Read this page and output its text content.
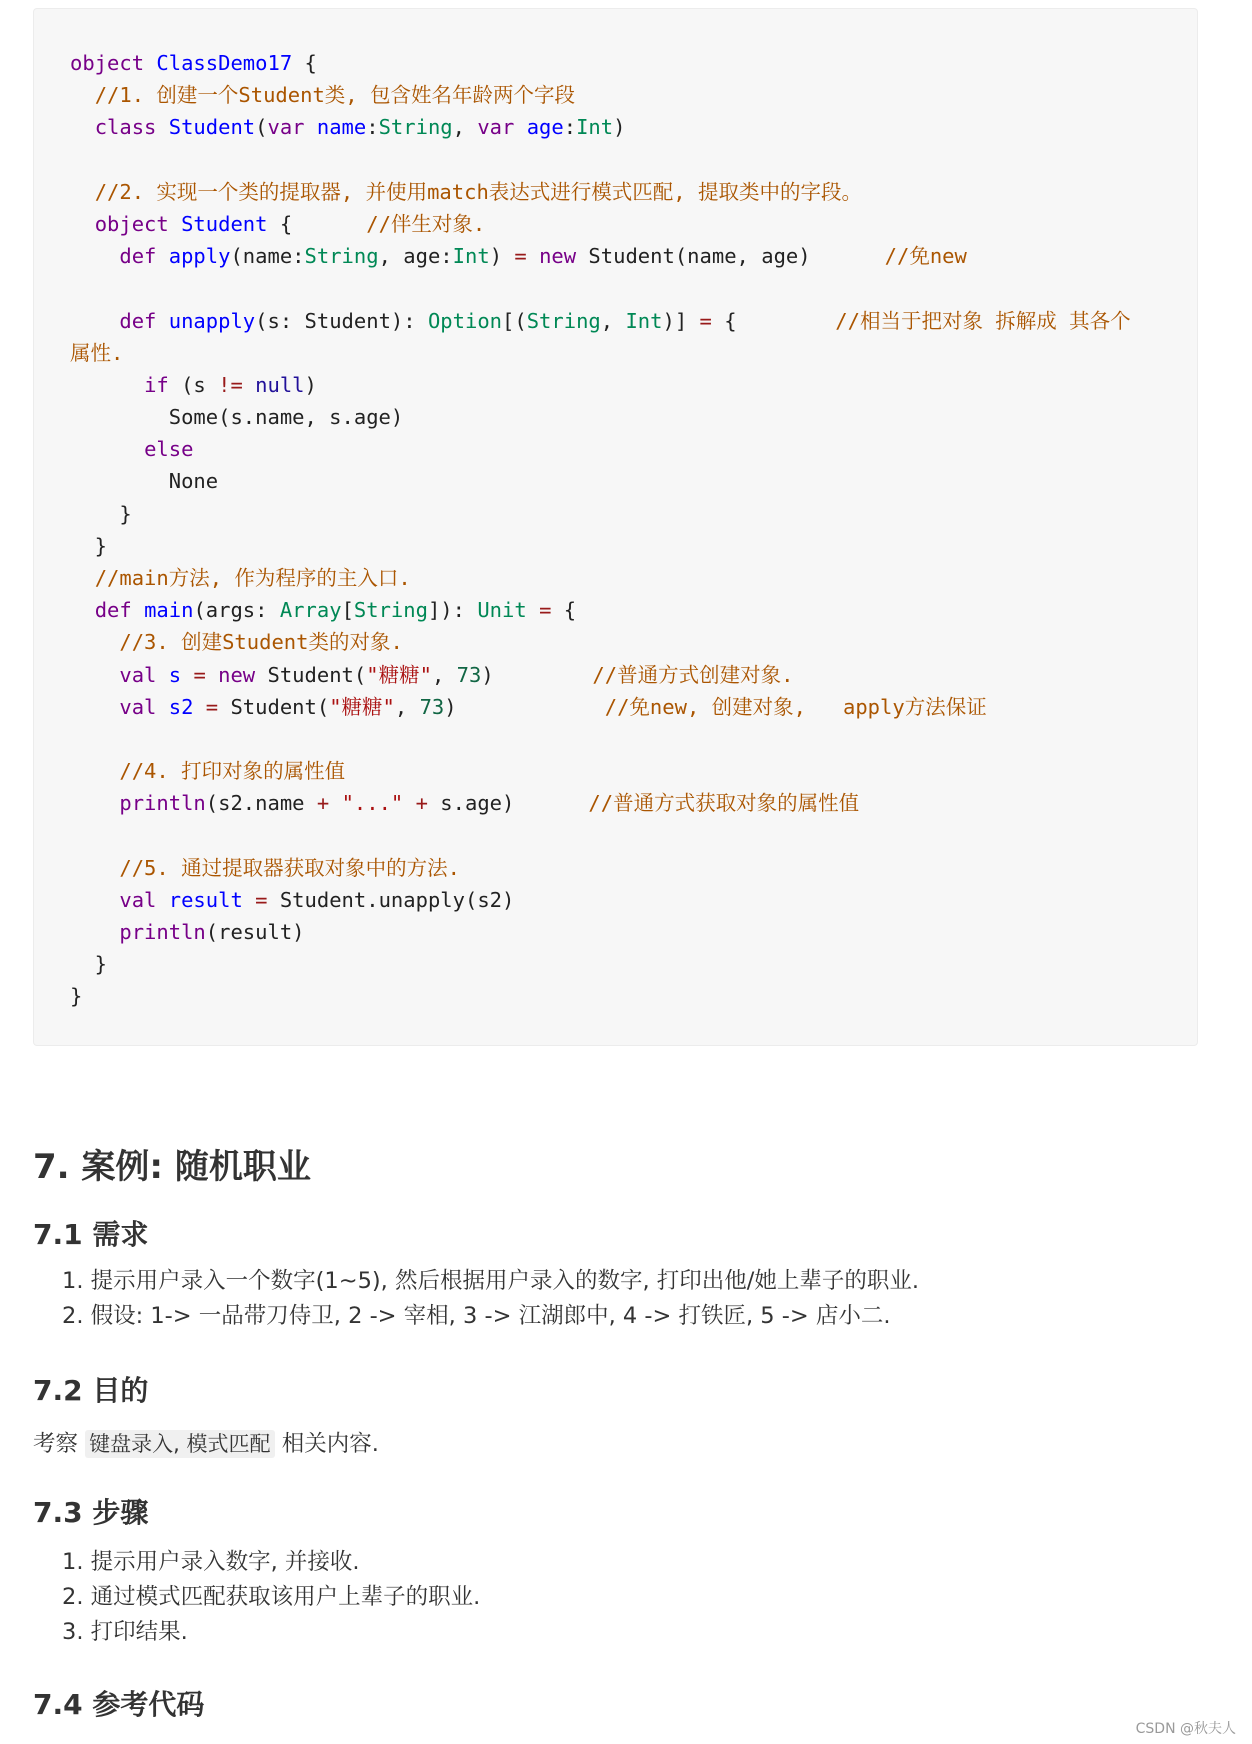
object ClassDemo17 {
//1. 创建一个Student类, 包含姓名年龄两个字段
class Student(var name:String, var age:Int)
//2. 实现一个类的提取器, 并使用match表达式进行模式匹配, 提取类中的字段。
object Student {      //伴生对象.
def apply(name:String, age:Int) = new Student(name, age)      //免new
def unapply(s: Student): Option[(String, Int)] = {        //相当于把对象 拆解成 其各个
属性.
if (s != null)
Some(s.name, s.age)
else
None
}
}
//main方法, 作为程序的主入口.
def main(args: Array[String]): Unit = {
//3. 创建Student类的对象.
val s = new Student("糖糖", 73)        //普通方式创建对象.
val s2 = Student("糖糖", 73)            //免new, 创建对象,   apply方法保证
//4. 打印对象的属性值
println(s2.name + "..." + s.age)      //普通方式获取对象的属性值
//5. 通过提取器获取对象中的方法.
val result = Student.unapply(s2)
println(result)
}
}
7. 案例: 随机职业
7.1 需求
1. 提示用户录入一个数字(1~5), 然后根据用户录入的数字, 打印出他/她上辈子的职业.
2. 假设: 1-> 一品带刀侍卫, 2 -> 宰相, 3 -> 江湖郎中, 4 -> 打铁匠, 5 -> 店小二.
7.2 目的

考察 键盘录入, 模式匹配 相关内容.

7.3 步骤
1. 提示用户录入数字, 并接收.
2. 通过模式匹配获取该用户上辈子的职业.
3. 打印结果.
7.4 参考代码
CSDN @秋夫人
